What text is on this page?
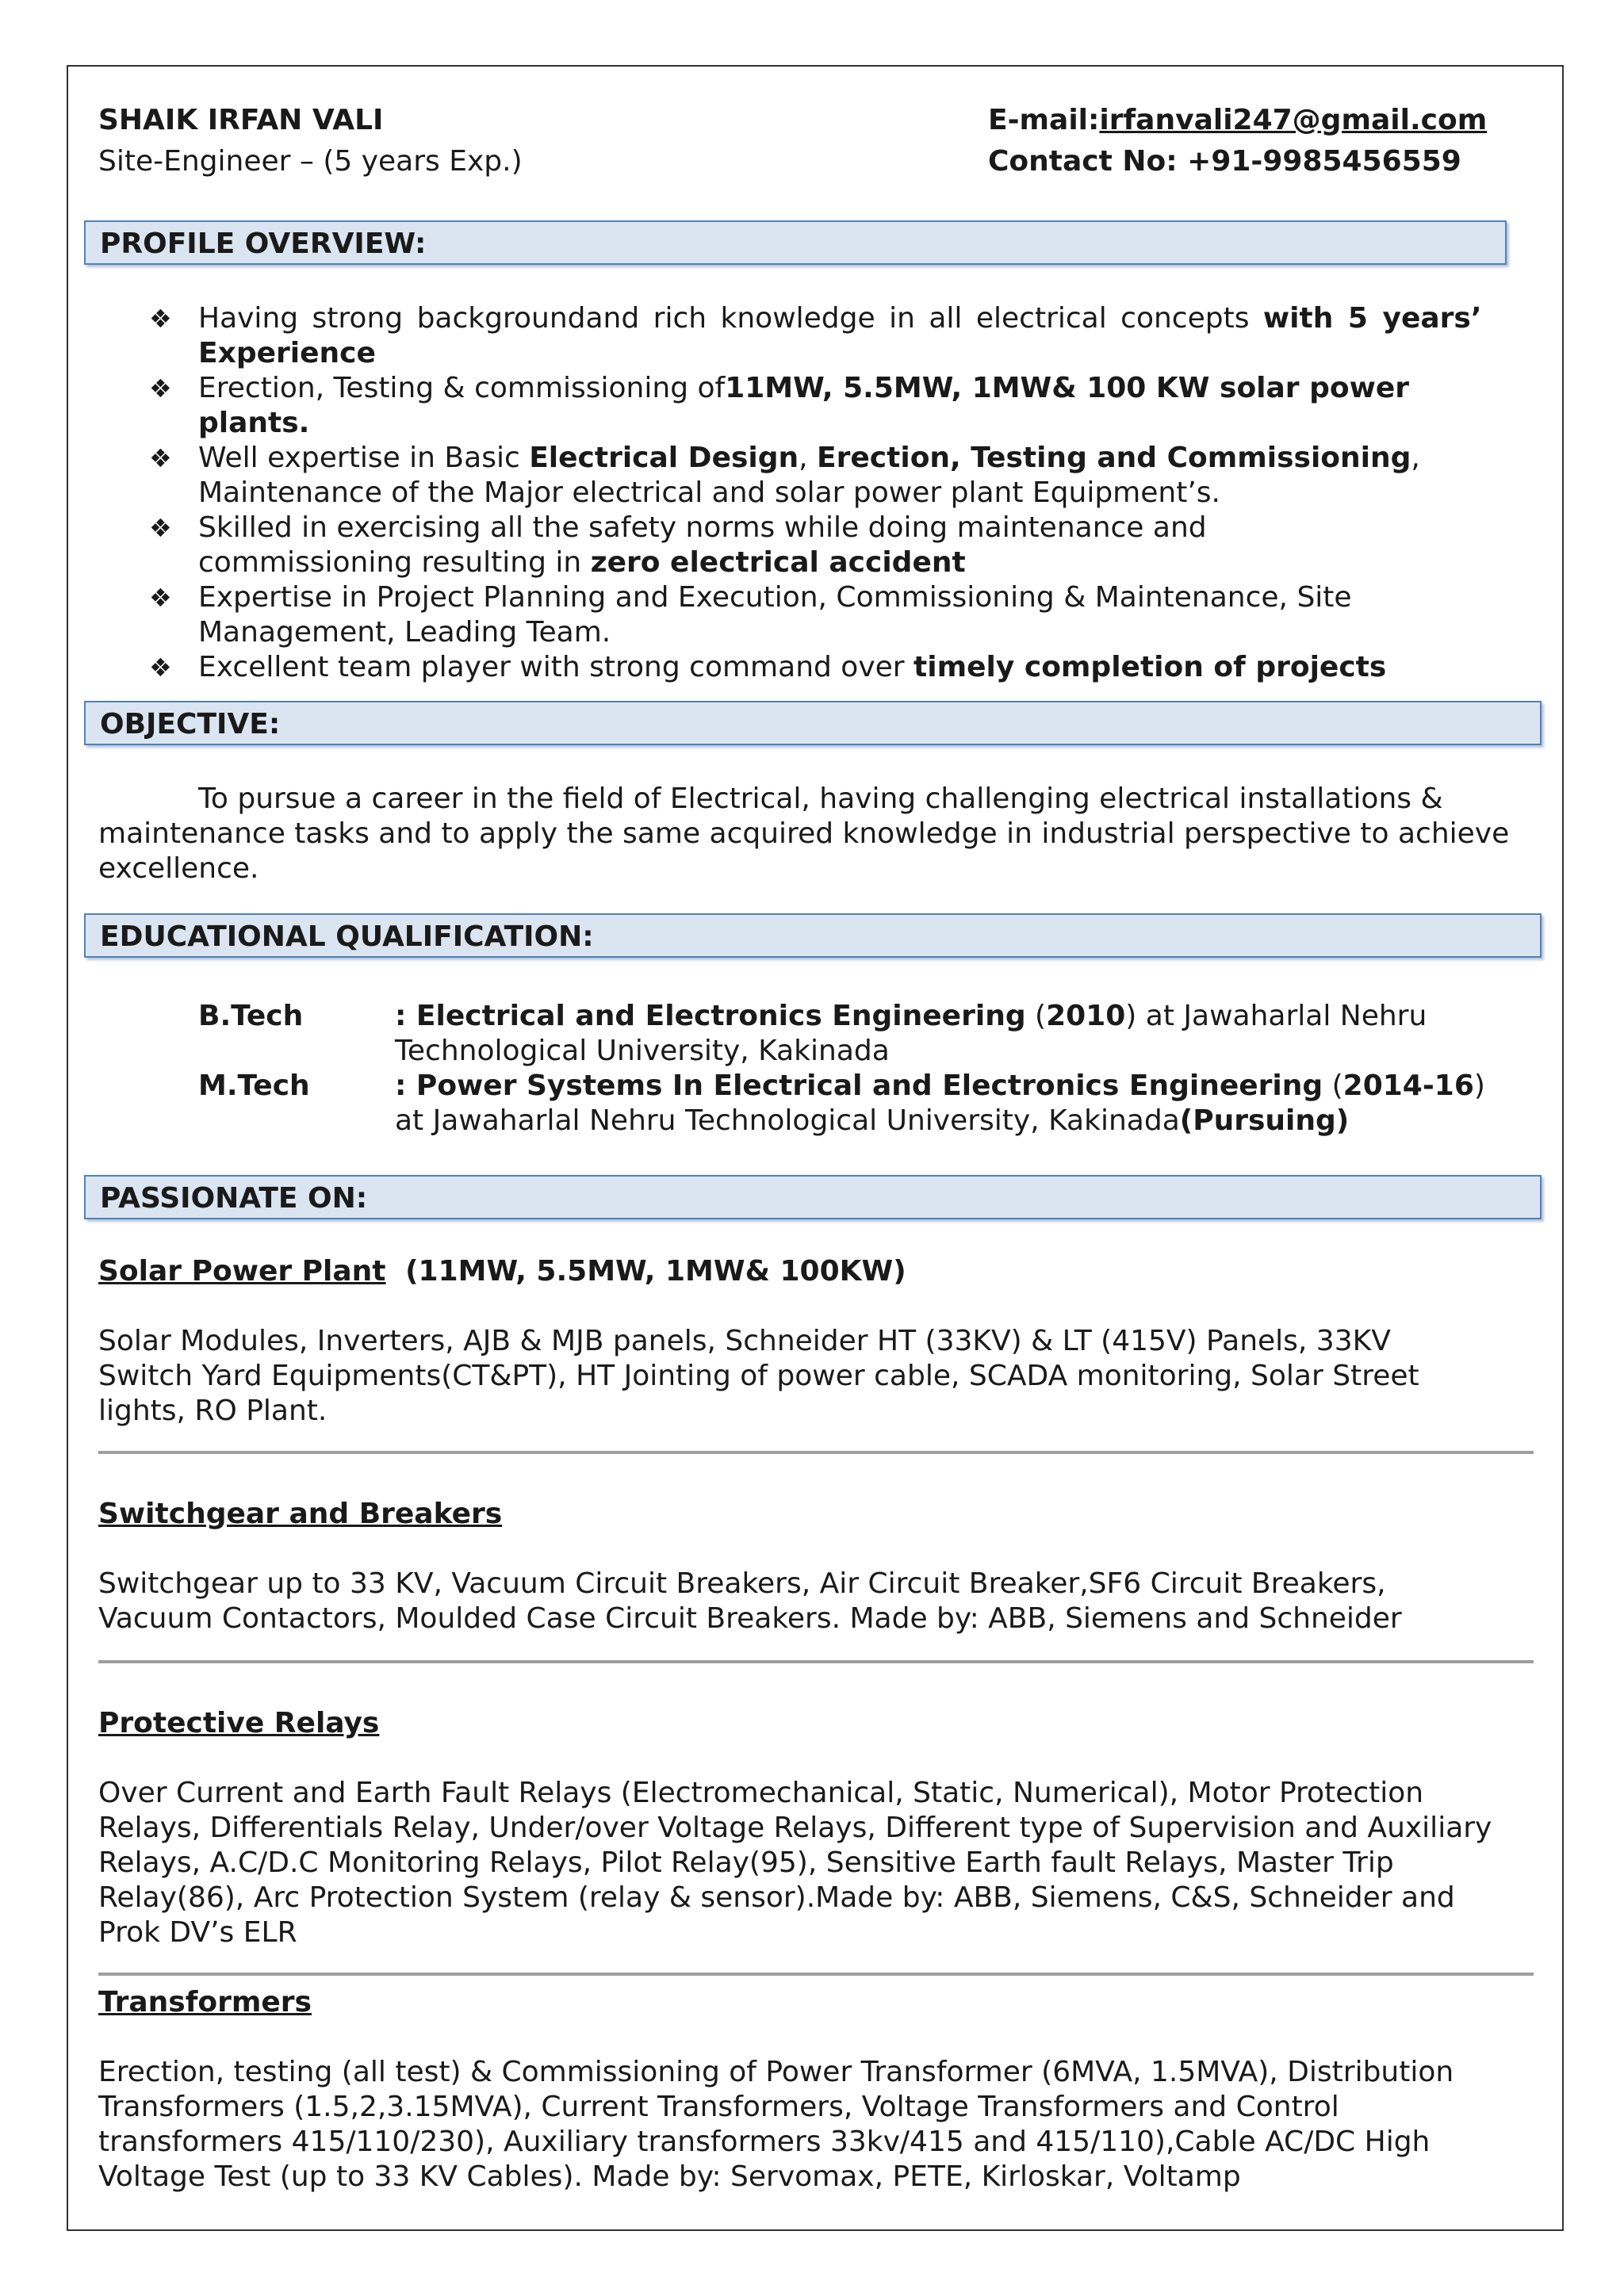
SHAIK IRFAN VALI
Site-Engineer – (5 years Exp.)
E-mail:irfanvali247@gmail.com
Contact No: +91-9985456559
PROFILE OVERVIEW:
❖ Having strong backgroundand rich knowledge in all electrical concepts with 5 years’
Experience
❖ Erection, Testing & commissioning of11MW, 5.5MW, 1MW& 100 KW solar power
plants.
❖ Well expertise in Basic Electrical Design, Erection, Testing and Commissioning,
Maintenance of the Major electrical and solar power plant Equipment’s.
❖ Skilled in exercising all the safety norms while doing maintenance and
commissioning resulting in zero electrical accident
❖ Expertise in Project Planning and Execution, Commissioning & Maintenance, Site
Management, Leading Team.
❖ Excellent team player with strong command over timely completion of projects
OBJECTIVE:
To pursue a career in the field of Electrical, having challenging electrical installations &
maintenance tasks and to apply the same acquired knowledge in industrial perspective to achieve
excellence.
EDUCATIONAL QUALIFICATION:
B.Tech	: Electrical and Electronics Engineering (2010) at Jawaharlal Nehru
Technological University, Kakinada
M.Tech	: Power Systems In Electrical and Electronics Engineering (2014-16)
at Jawaharlal Nehru Technological University, Kakinada(Pursuing)
PASSIONATE ON:
Solar Power Plant (11MW, 5.5MW, 1MW& 100KW)
Solar Modules, Inverters, AJB & MJB panels, Schneider HT (33KV) & LT (415V) Panels, 33KV
Switch Yard Equipments(CT&PT), HT Jointing of power cable, SCADA monitoring, Solar Street
lights, RO Plant.
Switchgear and Breakers
Switchgear up to 33 KV, Vacuum Circuit Breakers, Air Circuit Breaker,SF6 Circuit Breakers,
Vacuum Contactors, Moulded Case Circuit Breakers. Made by: ABB, Siemens and Schneider
Protective Relays
Over Current and Earth Fault Relays (Electromechanical, Static, Numerical), Motor Protection
Relays, Differentials Relay, Under/over Voltage Relays, Different type of Supervision and Auxiliary
Relays, A.C/D.C Monitoring Relays, Pilot Relay(95), Sensitive Earth fault Relays, Master Trip
Relay(86), Arc Protection System (relay & sensor).Made by: ABB, Siemens, C&S, Schneider and
Prok DV’s ELR
Transformers
Erection, testing (all test) & Commissioning of Power Transformer (6MVA, 1.5MVA), Distribution
Transformers (1.5,2,3.15MVA), Current Transformers, Voltage Transformers and Control
transformers 415/110/230), Auxiliary transformers 33kv/415 and 415/110),Cable AC/DC High
Voltage Test (up to 33 KV Cables). Made by: Servomax, PETE, Kirloskar, Voltamp
